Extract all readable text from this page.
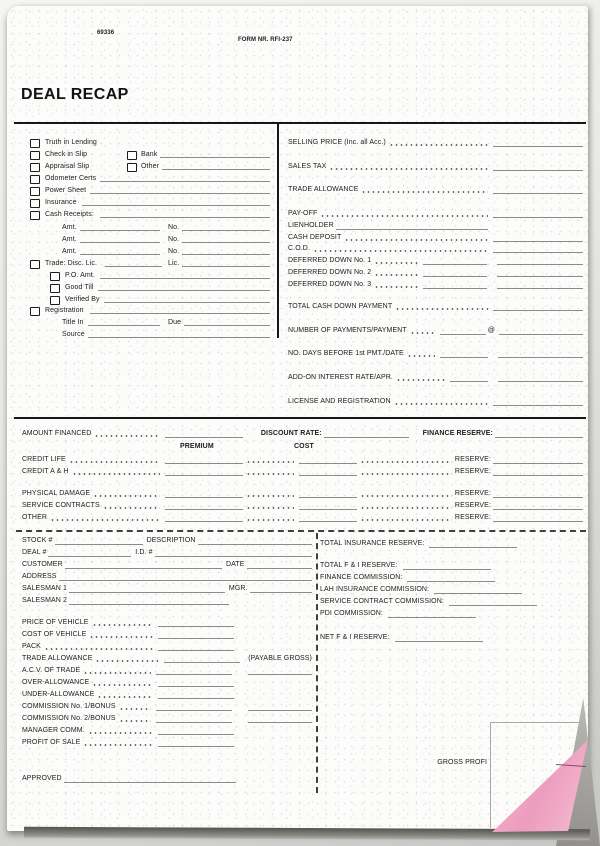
69336
FORM NR. RFI-237
DEAL RECAP
Truth in Lending
Check in Slip	Bank
Appraisal Slip	Other
Odometer Certs
Power Sheet
Insurance
Cash Receipts:
Amt.	No.
Amt.	No.
Amt.	No.
Trade: Disc. Lic.	Lic.
P.O. Amt.
Good Till
Verified By
Registration
Title In	Due
Source
SELLING PRICE (Inc. all Acc.)
SALES TAX
TRADE ALLOWANCE
PAY-OFF
LIENHOLDER
CASH DEPOSIT
C.O.D.
DEFERRED DOWN No. 1
DEFERRED DOWN No. 2
DEFERRED DOWN No. 3
TOTAL CASH DOWN PAYMENT
NUMBER OF PAYMENTS/PAYMENT	@
NO. DAYS BEFORE 1st PMT./DATE
ADD-ON INTEREST RATE/APR.
LICENSE AND REGISTRATION
AMOUNT FINANCED	DISCOUNT RATE:	FINANCE RESERVE:
PREMIUM	COST
CREDIT LIFE	RESERVE:
CREDIT A & H	RESERVE:
PHYSICAL DAMAGE	RESERVE:
SERVICE CONTRACTS	RESERVE:
OTHER	RESERVE:
STOCK #	DESCRIPTION
DEAL #	I.D. #
CUSTOMER	DATE
ADDRESS
SALESMAN 1	MGR.
SALESMAN 2
PRICE OF VEHICLE
COST OF VEHICLE
PACK
TRADE ALLOWANCE	(PAYABLE GROSS)
A.C.V. OF TRADE
OVER-ALLOWANCE
UNDER-ALLOWANCE
COMMISSION No. 1/BONUS
COMMISSION No. 2/BONUS
MANAGER COMM.
PROFIT OF SALE
APPROVED
TOTAL INSURANCE RESERVE:
TOTAL F & I RESERVE:
FINANCE COMMISSION:
LAH INSURANCE COMMISSION:
SERVICE CONTRACT COMMISSION:
PDI COMMISSION:
NET F & I RESERVE:
GROSS PROFI
